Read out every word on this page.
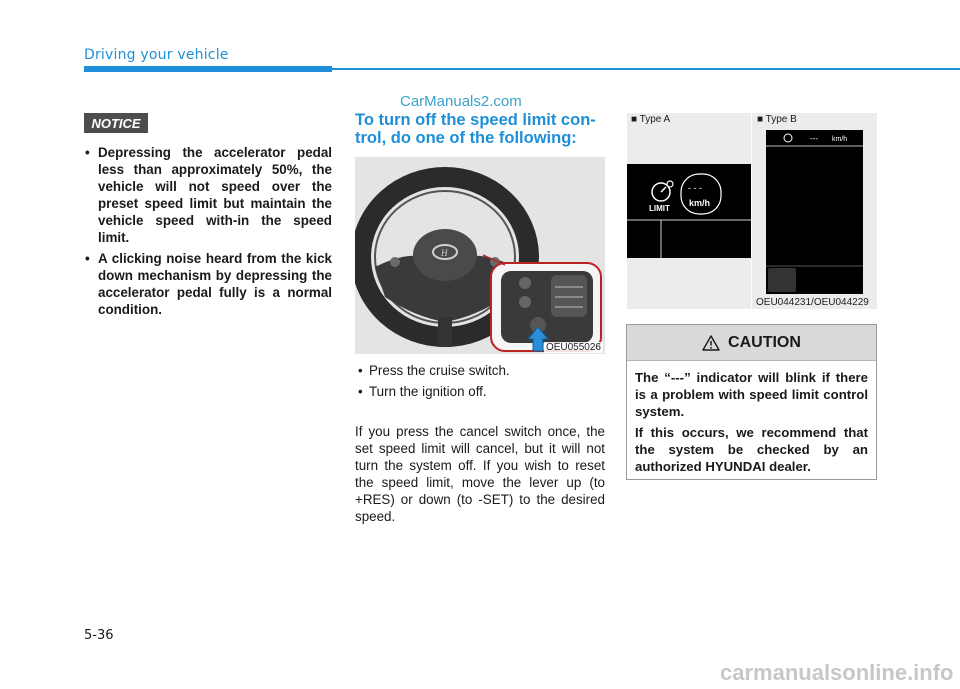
Driving your vehicle
CarManuals2.com
NOTICE
• Depressing the accelerator pedal less than approximately 50%, the vehicle will not speed over the preset speed limit but maintain the vehicle speed with-in the speed limit.
• A clicking noise heard from the kick down mechanism by depressing the accelerator pedal fully is a normal condition.
To turn off the speed limit con-trol, do one of the following:
H
OEU055026
• Press the cruise switch.
• Turn the ignition off.
If you press the cancel switch once, the set speed limit will cancel, but it will not turn the system off. If you wish to reset the speed limit, move the lever up (to +RES) or down (to -SET) to the desired speed.
■ Type A	■ Type B
LIMIT
- - -
km/h
--- km/h
OEU044231/OEU044229
CAUTION

The “---” indicator will blink if there is a problem with speed limit control system.

If this occurs, we recommend that the system be checked by an authorized HYUNDAI dealer.

5-36
carmanualsonline.info
